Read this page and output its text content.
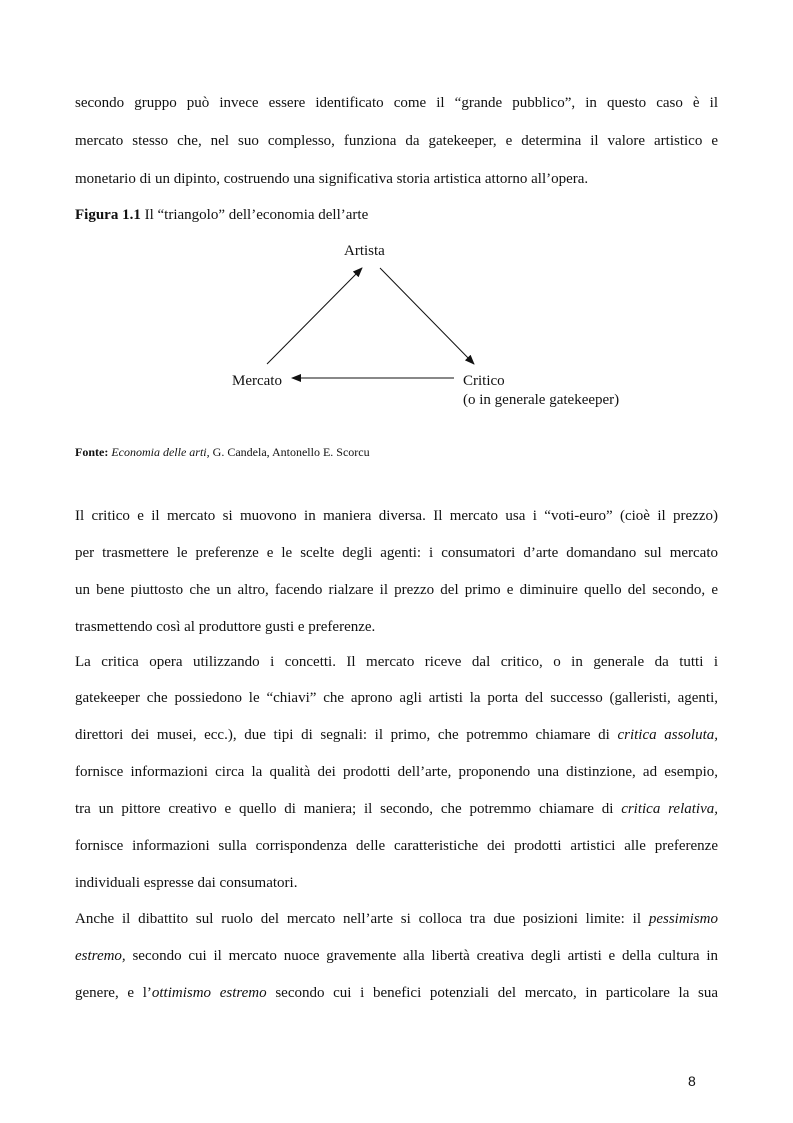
secondo gruppo può invece essere identificato come il “grande pubblico”, in questo caso è il
mercato stesso che, nel suo complesso, funziona da gatekeeper, e determina il valore artistico e
monetario di un dipinto, costruendo una significativa storia artistica attorno all’opera.
Figura 1.1 Il “triangolo” dell’economia dell’arte
Artista
Mercato	Critico
(o in generale gatekeeper)
Fonte: Economia delle arti, G. Candela, Antonello E. Scorcu
Il critico e il mercato si muovono in maniera diversa. Il mercato usa i “voti-euro” (cioè il prezzo)
per trasmettere le preferenze e le scelte degli agenti: i consumatori d’arte domandano sul mercato
un bene piuttosto che un altro, facendo rialzare il prezzo del primo e diminuire quello del secondo, e
trasmettendo così al produttore gusti e preferenze.
La critica opera utilizzando i concetti. Il mercato riceve dal critico, o in generale da tutti i
gatekeeper che possiedono le “chiavi” che aprono agli artisti la porta del successo (galleristi, agenti,
direttori dei musei, ecc.), due tipi di segnali: il primo, che potremmo chiamare di critica assoluta,
fornisce informazioni circa la qualità dei prodotti dell’arte, proponendo una distinzione, ad esempio,
tra un pittore creativo e quello di maniera; il secondo, che potremmo chiamare di critica relativa,
fornisce informazioni sulla corrispondenza delle caratteristiche dei prodotti artistici alle preferenze
individuali espresse dai consumatori.
Anche il dibattito sul ruolo del mercato nell’arte si colloca tra due posizioni limite: il pessimismo
estremo, secondo cui il mercato nuoce gravemente alla libertà creativa degli artisti e della cultura in
genere, e l’ottimismo estremo secondo cui i benefici potenziali del mercato, in particolare la sua
8
